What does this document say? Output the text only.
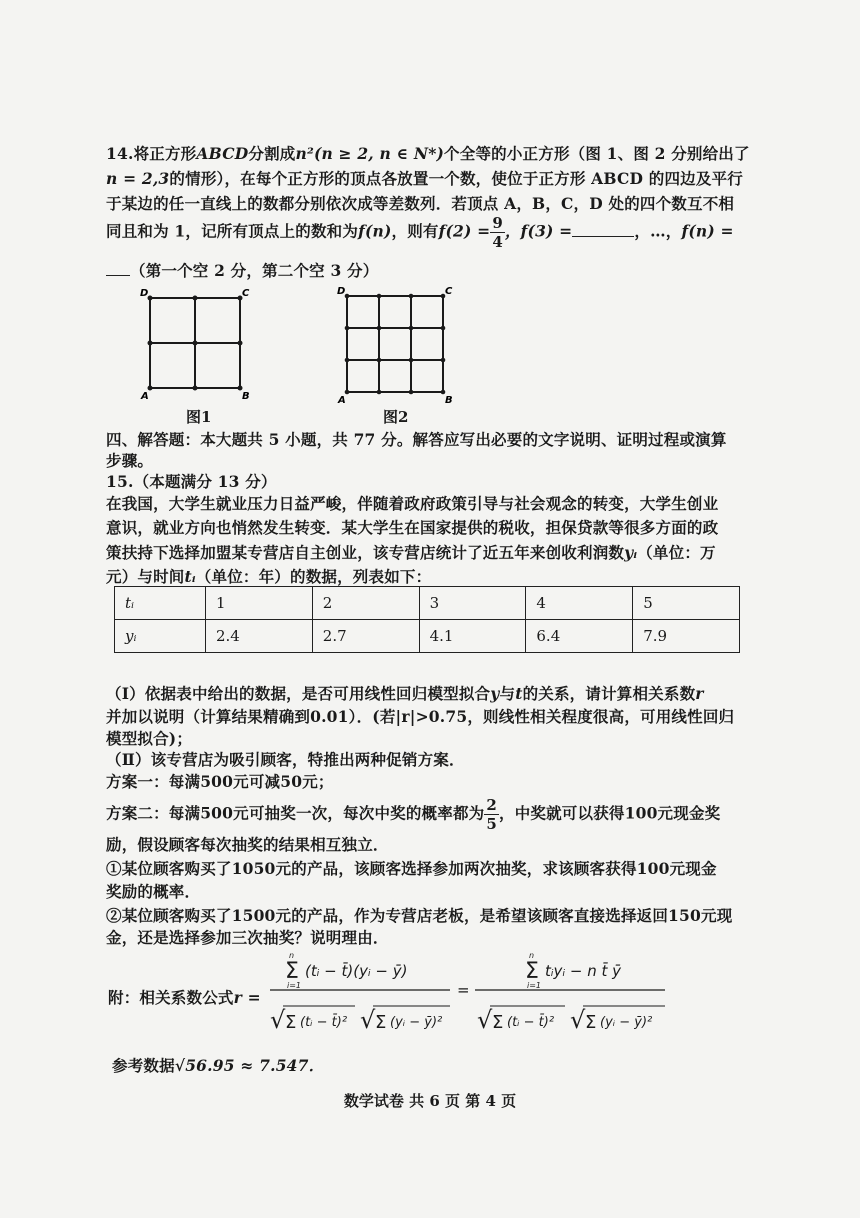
14.将正方形ABCD分割成n²(n ≥ 2, n ∈ N*)个全等的小正方形（图 1、图 2 分别给出了
n = 2,3的情形），在每个正方形的顶点各放置一个数，使位于正方形 ABCD 的四边及平行
于某边的任一直线上的数都分别依次成等差数列．若顶点 A，B，C，D 处的四个数互不相
同且和为 1，记所有顶点上的数和为f(n)，则有$f(2) = \frac{9}{4}$ ，f(3) =	，…，f(n) =
（第一个空 2 分，第二个空 3 分）
D	C
A	B
图1
D	C
A	B
图2
四、解答题：本大题共 5 小题，共 77 分。解答应写出必要的文字说明、证明过程或演算
步骤。
15.（本题满分 13 分）
在我国，大学生就业压力日益严峻，伴随着政府政策引导与社会观念的转变，大学生创业
意识，就业方向也悄然发生转变．某大学生在国家提供的税收，担保贷款等很多方面的政
策扶持下选择加盟某专营店自主创业，该专营店统计了近五年来创收利润数yᵢ（单位：万
元）与时间tᵢ（单位：年）的数据，列表如下：
tᵢ	1	2	3	4	5
yᵢ	2.4	2.7	4.1	6.4	7.9
（Ⅰ）依据表中给出的数据，是否可用线性回归模型拟合y与t的关系，请计算相关系数r
并加以说明（计算结果精确到0.01）．(若|r|>0.75，则线性相关程度很高，可用线性回归
模型拟合)；
（Ⅱ）该专营店为吸引顾客，特推出两种促销方案．
方案一：每满500元可减50元；
方案二：每满500元可抽奖一次，每次中奖的概率都为 $\frac{2}{5}$ ，中奖就可以获得100元现金奖
励，假设顾客每次抽奖的结果相互独立．
①某位顾客购买了1050元的产品，该顾客选择参加两次抽奖，求该顾客获得100元现金
奖励的概率．
②某位顾客购买了1500元的产品，作为专营店老板，是希望该顾客直接选择返回150元现
金，还是选择参加三次抽奖？说明理由．
附：相关系数公式r =
Σ
n
i=1
(tᵢ − t̄)(yᵢ − ȳ)
√ Σ (tᵢ − t̄)² √ Σ (yᵢ − ȳ)²
=
Σ
n
i=1
tᵢyᵢ − n t̄ ȳ
√ Σ (tᵢ − t̄)² √ Σ (yᵢ − ȳ)²
参考数据√56.95 ≈ 7.547．
数学试卷 共 6 页 第 4 页
